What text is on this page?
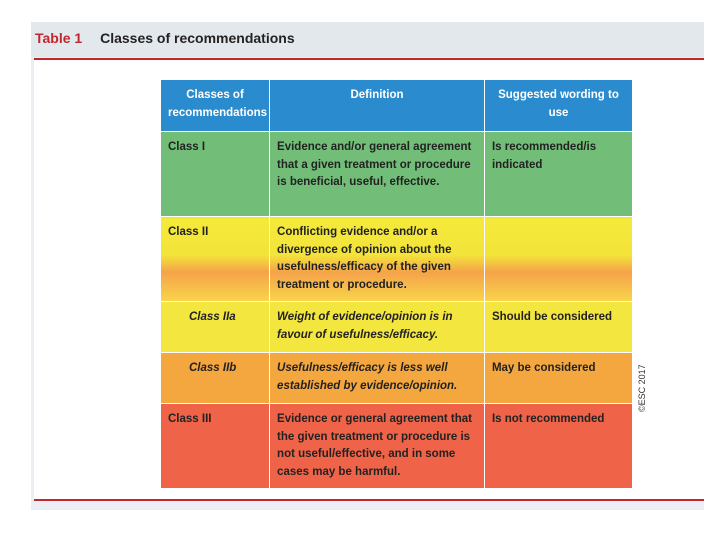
Table 1 Classes of recommendations
Classes of recommendations	Definition	Suggested wording to use
Class I	Evidence and/or general agreement that a given treatment or procedure is beneficial, useful, effective.	Is recommended/is indicated
Class II	Conflicting evidence and/or a divergence of opinion about the usefulness/efficacy of the given treatment or procedure.	
Class IIa	Weight of evidence/opinion is in favour of usefulness/efficacy.	Should be considered
Class IIb	Usefulness/efficacy is less well established by evidence/opinion.	May be considered
Class III	Evidence or general agreement that the given treatment or procedure is not useful/effective, and in some cases may be harmful.	Is not recommended
©ESC 2017
